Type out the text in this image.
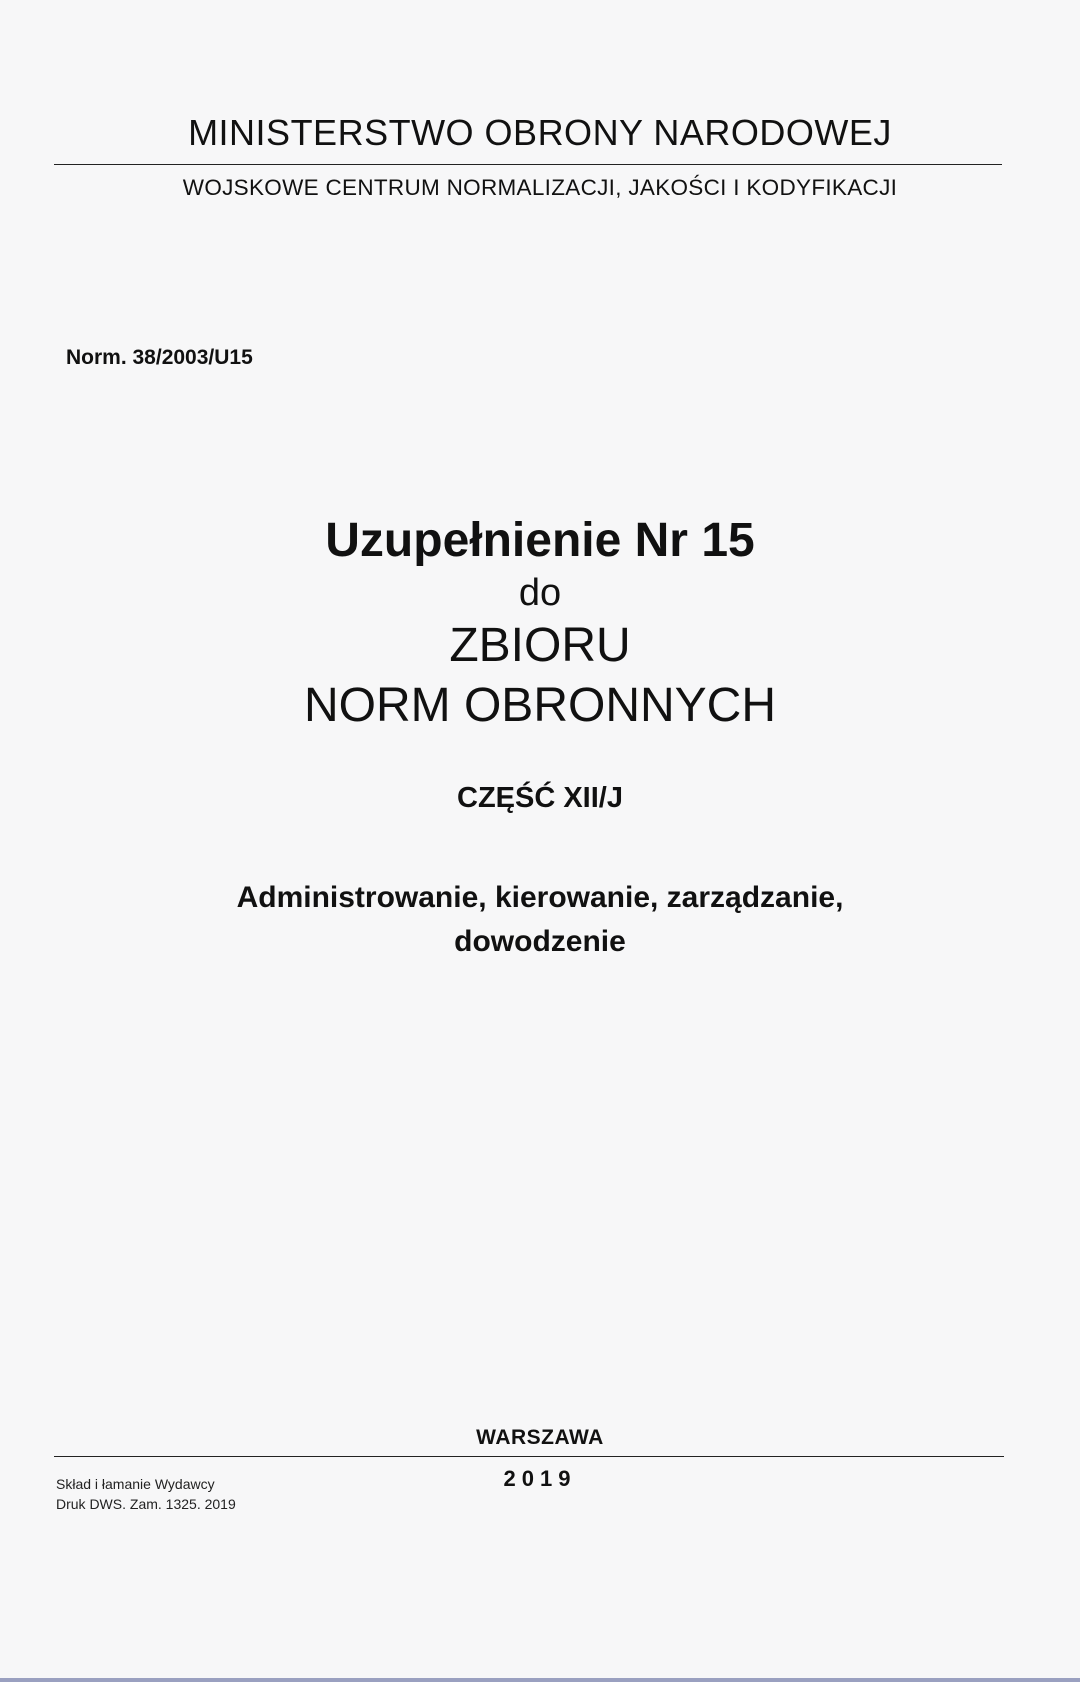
MINISTERSTWO OBRONY NARODOWEJ
WOJSKOWE CENTRUM NORMALIZACJI, JAKOŚCI I KODYFIKACJI
Norm. 38/2003/U15

Uzupełnienie Nr 15

do

ZBIORU

NORM OBRONNYCH

CZĘŚĆ XII/J
Administrowanie, kierowanie, zarządzanie,
dowodzenie
WARSZAWA
2019
Skład i łamanie Wydawcy
Druk DWS. Zam. 1325. 2019
